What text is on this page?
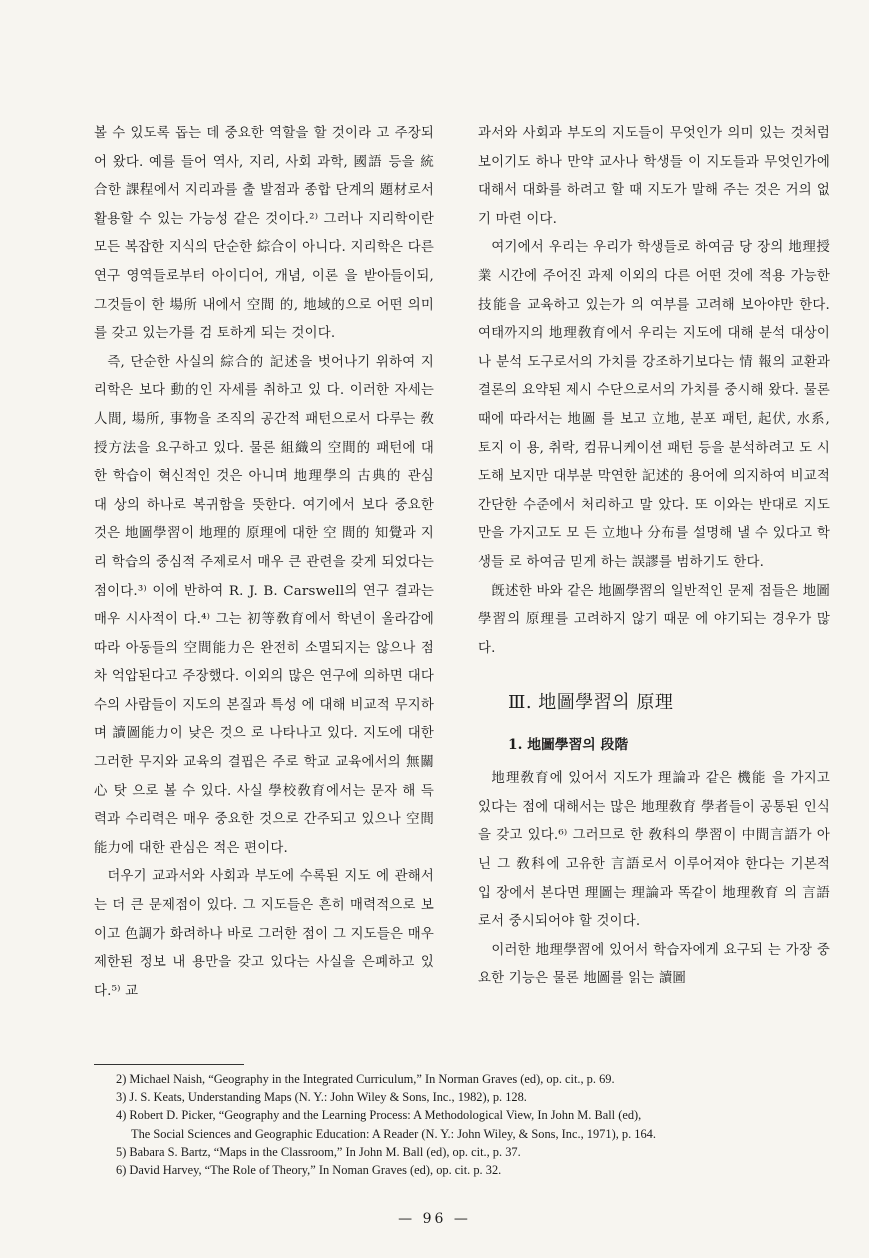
볼 수 있도록 돕는 데 중요한 역할을 할 것이라 고 주장되어 왔다. 예를 들어 역사, 지리, 사회 과학, 國語 등을 統合한 課程에서 지리과를 출 발점과 종합 단계의 題材로서 활용할 수 있는 가능성 같은 것이다.²⁾ 그러나 지리학이란 모든 복잡한 지식의 단순한 綜合이 아니다. 지리학은 다른 연구 영역들로부터 아이디어, 개념, 이론 을 받아들이되, 그것들이 한 場所 내에서 空間 的, 地域的으로 어떤 의미를 갖고 있는가를 검 토하게 되는 것이다.

즉, 단순한 사실의 綜合的 記述을 벗어나기 위하여 지리학은 보다 動的인 자세를 취하고 있 다. 이러한 자세는 人間, 場所, 事物을 조직의 공간적 패턴으로서 다루는 敎授方法을 요구하고 있다. 물론 組織의 空間的 패턴에 대한 학습이 혁신적인 것은 아니며 地理學의 古典的 관심 대 상의 하나로 복귀함을 뜻한다. 여기에서 보다 중요한 것은 地圖學習이 地理的 原理에 대한 空 間的 知覺과 지리 학습의 중심적 주제로서 매우 큰 관련을 갖게 되었다는 점이다.³⁾ 이에 반하여 R. J. B. Carswell의 연구 결과는 매우 시사적이 다.⁴⁾ 그는 初等敎育에서 학년이 올라감에 따라 아동들의 空間能力은 완전히 소멸되지는 않으나 점차 억압된다고 주장했다. 이외의 많은 연구에 의하면 대다수의 사람들이 지도의 본질과 특성 에 대해 비교적 무지하며 讀圖能力이 낮은 것으 로 나타나고 있다. 지도에 대한 그러한 무지와 교육의 결핍은 주로 학교 교육에서의 無關心 탓 으로 볼 수 있다. 사실 學校敎育에서는 문자 해 득력과 수리력은 매우 중요한 것으로 간주되고 있으나 空間能力에 대한 관심은 적은 편이다.

더우기 교과서와 사회과 부도에 수록된 지도 에 관해서는 더 큰 문제점이 있다. 그 지도들은 흔히 매력적으로 보이고 色調가 화려하나 바로 그러한 점이 그 지도들은 매우 제한된 정보 내 용만을 갖고 있다는 사실을 은폐하고 있다.⁵⁾ 교

과서와 사회과 부도의 지도들이 무엇인가 의미 있는 것처럼 보이기도 하나 만약 교사나 학생들 이 지도들과 무엇인가에 대해서 대화를 하려고 할 때 지도가 말해 주는 것은 거의 없기 마련 이다.

여기에서 우리는 우리가 학생들로 하여금 당 장의 地理授業 시간에 주어진 과제 이외의 다른 어떤 것에 적용 가능한 技能을 교육하고 있는가 의 여부를 고려해 보아야만 한다. 여태까지의 地理敎育에서 우리는 지도에 대해 분석 대상이 나 분석 도구로서의 가치를 강조하기보다는 情 報의 교환과 결론의 요약된 제시 수단으로서의 가치를 중시해 왔다. 물론 때에 따라서는 地圖 를 보고 立地, 분포 패턴, 起伏, 水系, 토지 이 용, 취락, 컴뮤니케이션 패턴 등을 분석하려고 도 시도해 보지만 대부분 막연한 記述的 용어에 의지하여 비교적 간단한 수준에서 처리하고 말 았다. 또 이와는 반대로 지도만을 가지고도 모 든 立地나 分布를 설명해 낼 수 있다고 학생들 로 하여금 믿게 하는 誤謬를 범하기도 한다.

旣述한 바와 같은 地圖學習의 일반적인 문제 점들은 地圖學習의 原理를 고려하지 않기 때문 에 야기되는 경우가 많다.

Ⅲ. 地圖學習의 原理
1. 地圖學習의 段階

地理敎育에 있어서 지도가 理論과 같은 機能 을 가지고 있다는 점에 대해서는 많은 地理敎育 學者들이 공통된 인식을 갖고 있다.⁶⁾ 그러므로 한 敎科의 學習이 中間言語가 아닌 그 敎科에 고유한 言語로서 이루어져야 한다는 기본적 입 장에서 본다면 理圖는 理論과 똑같이 地理敎育 의 言語로서 중시되어야 할 것이다.

이러한 地理學習에 있어서 학습자에게 요구되 는 가장 중요한 기능은 물론 地圖를 읽는 讀圖

2) Michael Naish, “Geography in the Integrated Curriculum,” In Norman Graves (ed), op. cit., p. 69.

3) J. S. Keats, Understanding Maps (N. Y.: John Wiley & Sons, Inc., 1982), p. 128.

4) Robert D. Picker, “Geography and the Learning Process: A Methodological View, In John M. Ball (ed),

The Social Sciences and Geographic Education: A Reader (N. Y.: John Wiley, & Sons, Inc., 1971), p. 164.

5) Babara S. Bartz, “Maps in the Classroom,” In John M. Ball (ed), op. cit., p. 37.

6) David Harvey, “The Role of Theory,” In Noman Graves (ed), op. cit. p. 32.

— 96 —
